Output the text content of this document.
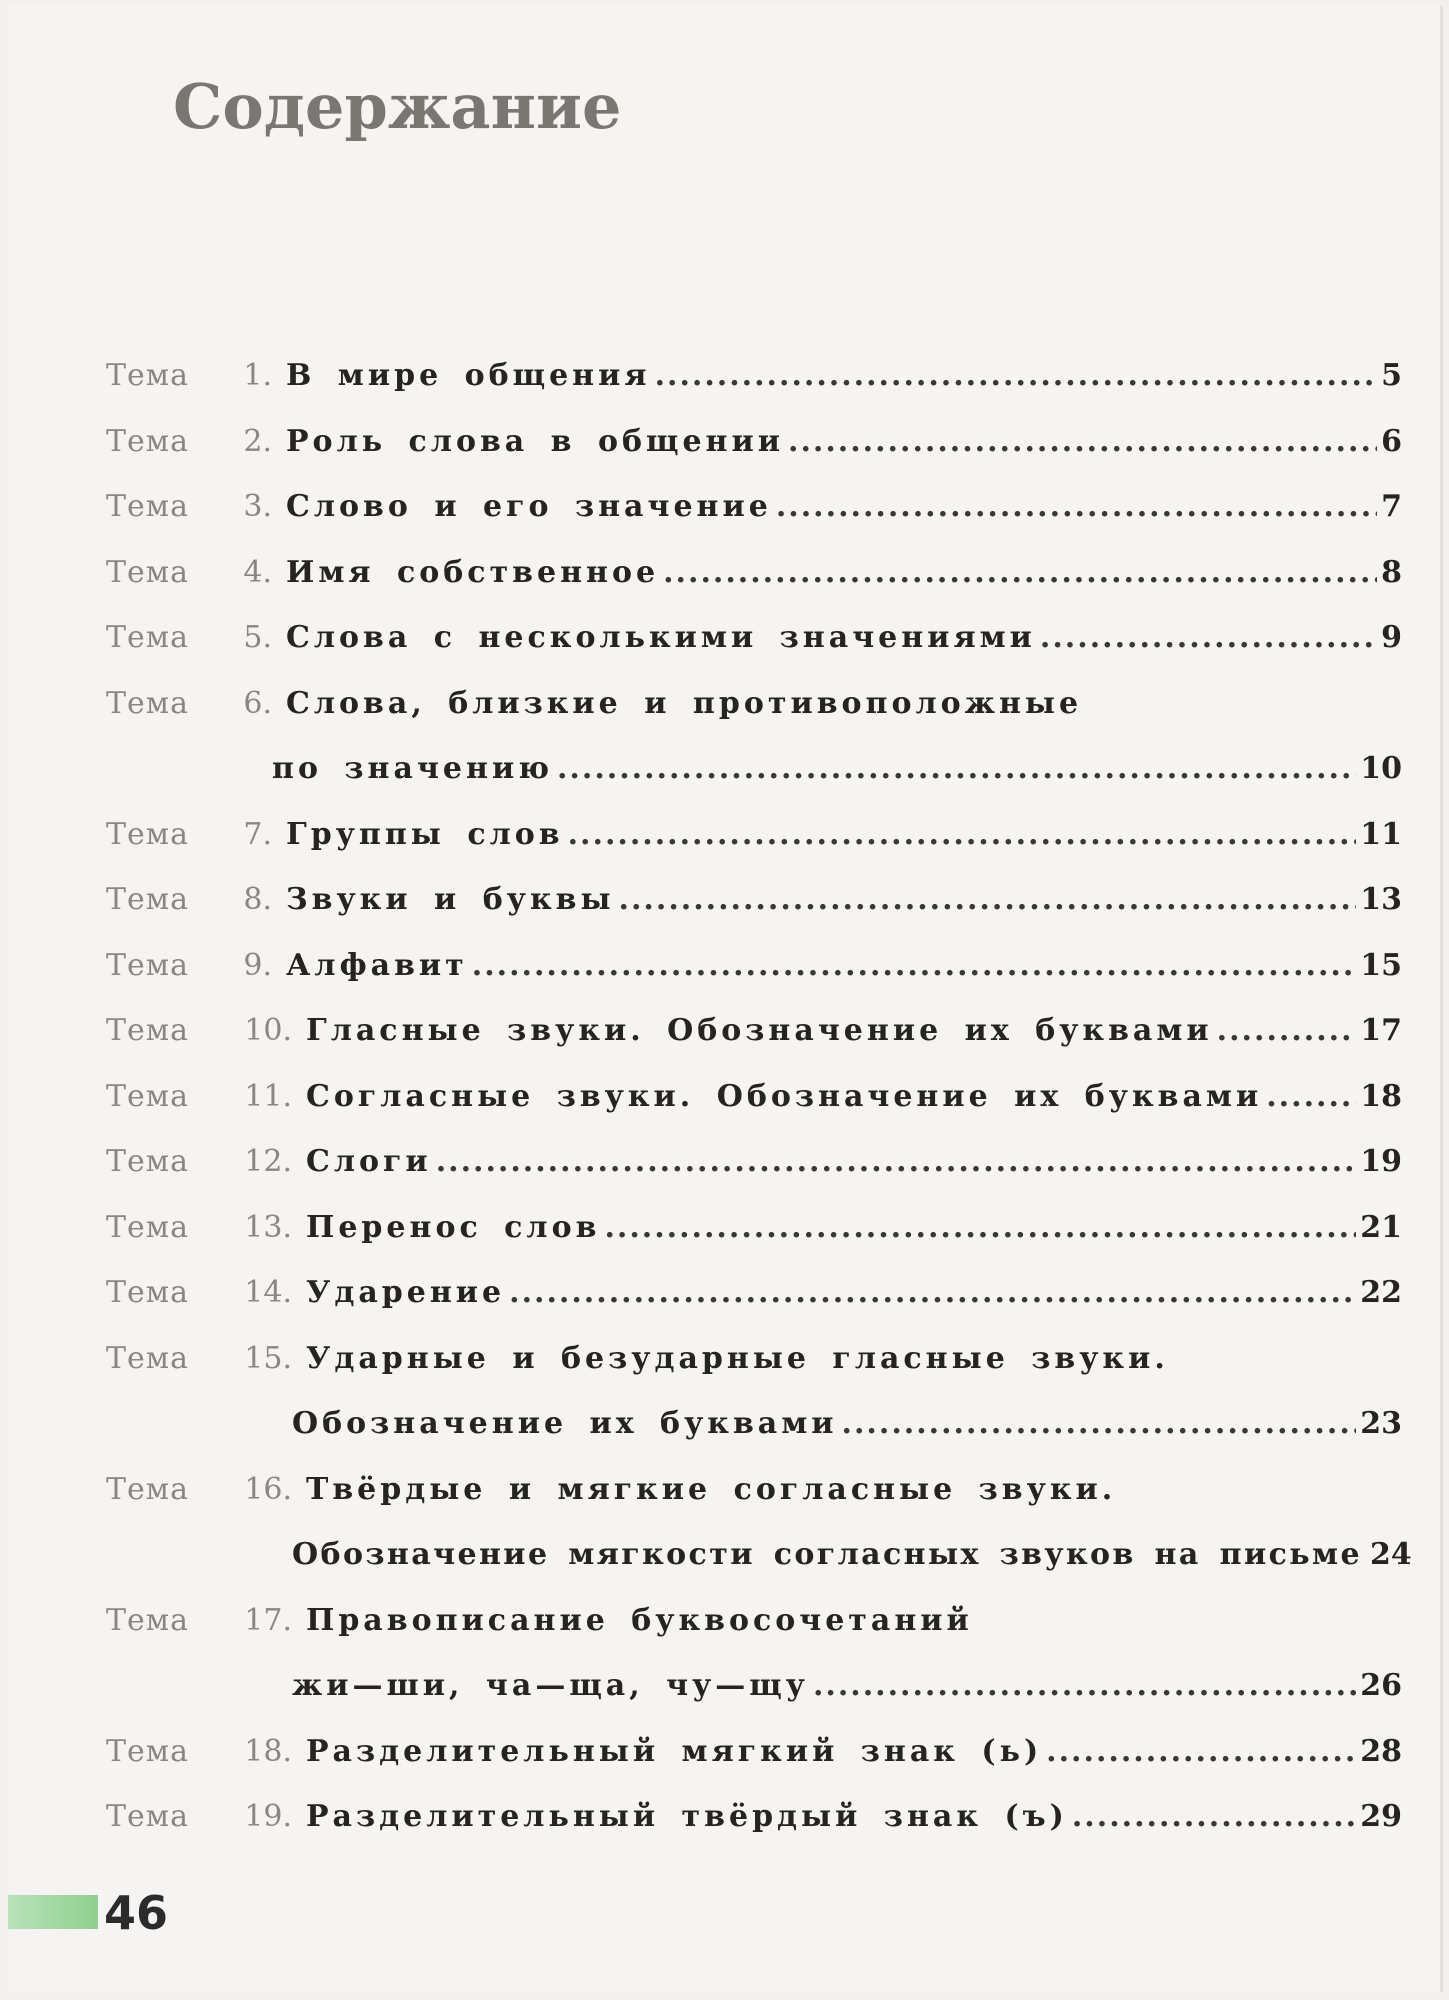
Содержание
Тема	1. В мире общения .....	5
Тема	2. Роль слова в общении .....	6
Тема	3. Слово и его значение .....	7
Тема	4. Имя собственное .....	8
Тема	5. Слова с несколькими значениями .....	9
Тема	6. Слова, близкие и противоположные
по значению .....	10
Тема	7. Группы слов .....	11
Тема	8. Звуки и буквы .....	13
Тема	9. Алфавит .....	15
Тема	10. Гласные звуки. Обозначение их буквами .....	17
Тема	11. Согласные звуки. Обозначение их буквами .....	18
Тема	12. Слоги .....	19
Тема	13. Перенос слов .....	21
Тема	14. Ударение .....	22
Тема	15. Ударные и безударные гласные звуки.
Обозначение их буквами .....	23
Тема	16. Твёрдые и мягкие согласные звуки.
Обозначение мягкости согласных звуков на письме 24
Тема	17. Правописание буквосочетаний
жи—ши, ча—ща, чу—щу .....	26
Тема	18. Разделительный мягкий знак (ь) .....	28
Тема	19. Разделительный твёрдый знак (ъ) .....	29
46
